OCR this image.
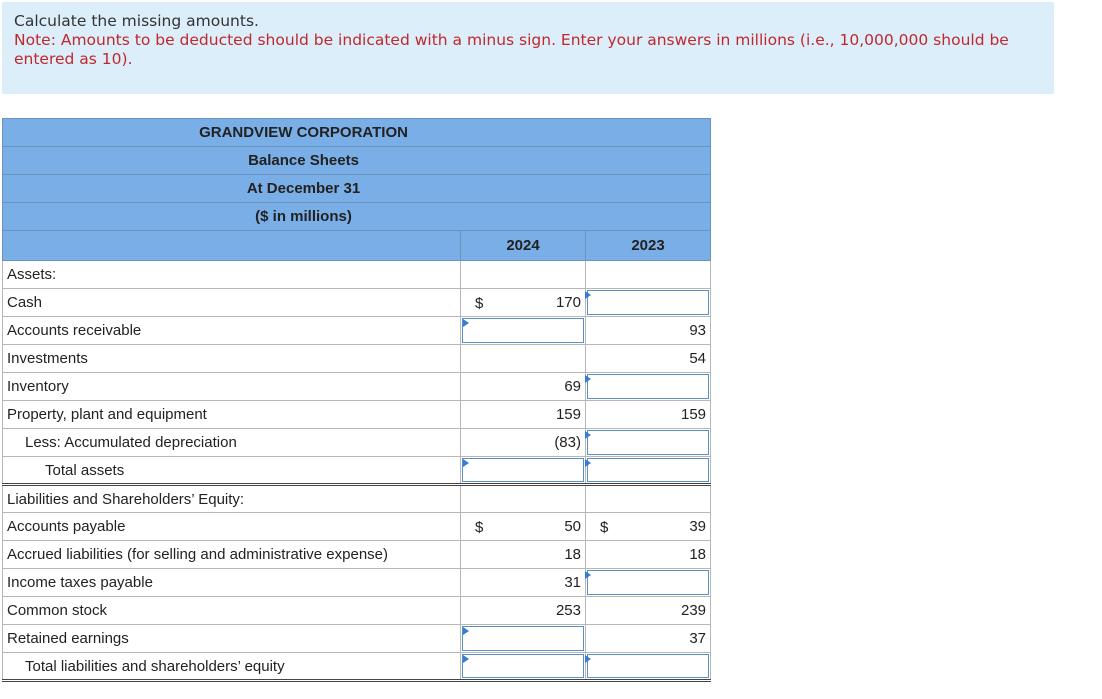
Calculate the missing amounts.
Note: Amounts to be deducted should be indicated with a minus sign. Enter your answers in millions (i.e., 10,000,000 should be entered as 10).
GRANDVIEW CORPORATION		
Balance Sheets		
At December 31		
($ in millions)		
	2024	2023
Assets:		
Cash	$ 170	

Accounts receivable		93

Investments		54

Inventory	69	

Property, plant and equipment	159	159

Less: Accumulated depreciation	(83)	

Total assets	

Liabilities and Shareholders’ Equity:		
Accounts payable	$ 50	$ 39

Accrued liabilities (for selling and administrative expense)	18	18

Income taxes payable	31	

Common stock	253	239

Retained earnings		37

Total liabilities and shareholders’ equity	
